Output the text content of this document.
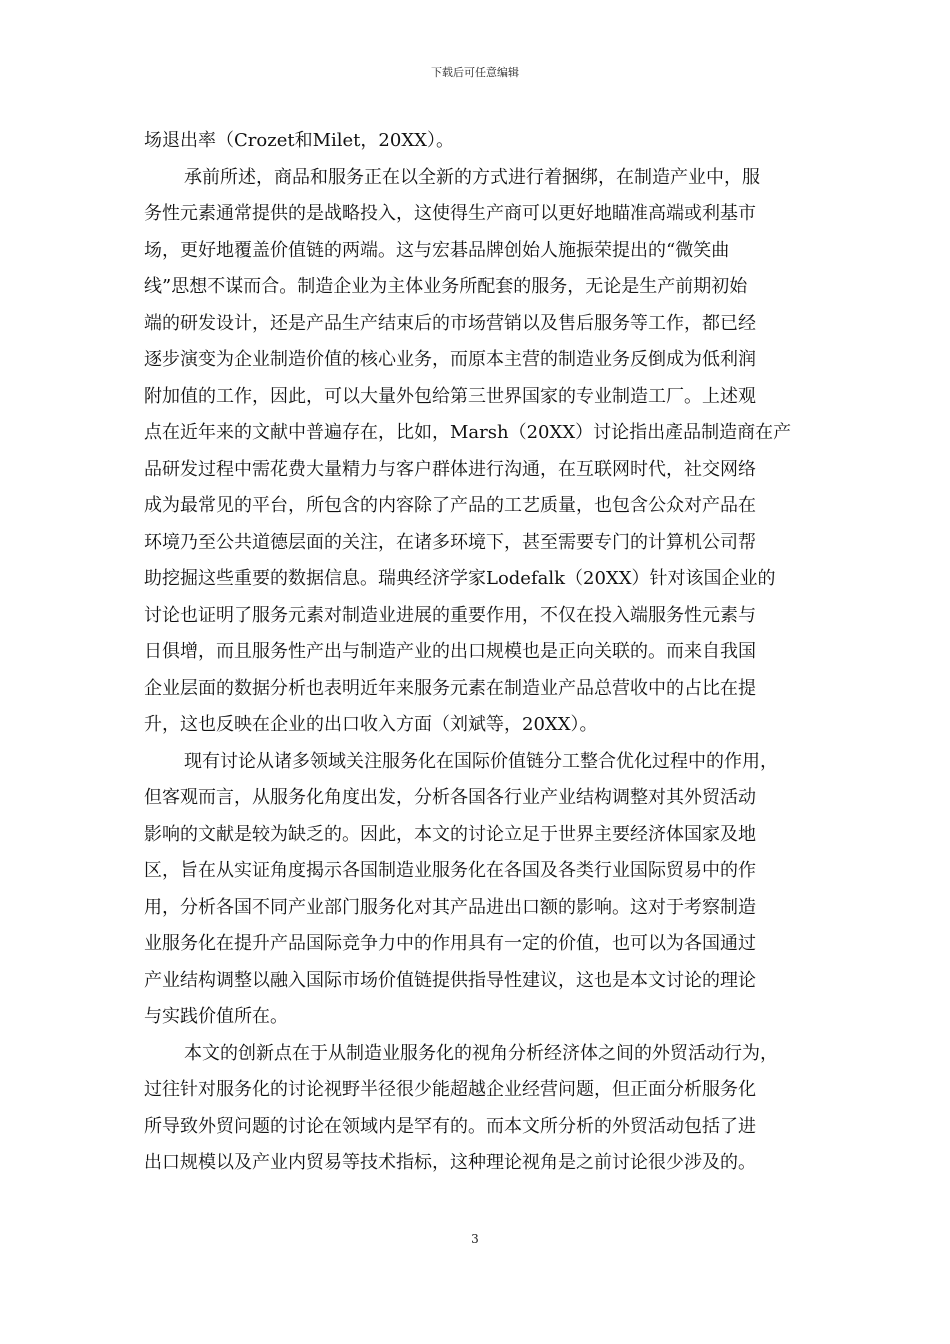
下载后可任意编辑
场退出率（Crozet和Milet，20XX）。
承前所述，商品和服务正在以全新的方式进行着捆绑，在制造产业中，服
务性元素通常提供的是战略投入，这使得生产商可以更好地瞄准高端或利基市
场，更好地覆盖价值链的两端。这与宏碁品牌创始人施振荣提出的“微笑曲
线”思想不谋而合。制造企业为主体业务所配套的服务，无论是生产前期初始
端的研发设计，还是产品生产结束后的市场营销以及售后服务等工作，都已经
逐步演变为企业制造价值的核心业务，而原本主营的制造业务反倒成为低利润
附加值的工作，因此，可以大量外包给第三世界国家的专业制造工厂。上述观
点在近年来的文献中普遍存在，比如，Marsh（20XX）讨论指出產品制造商在产
品研发过程中需花费大量精力与客户群体进行沟通，在互联网时代，社交网络
成为最常见的平台，所包含的内容除了产品的工艺质量，也包含公众对产品在
环境乃至公共道德层面的关注，在诸多环境下，甚至需要专门的计算机公司帮
助挖掘这些重要的数据信息。瑞典经济学家Lodefalk（20XX）针对该国企业的
讨论也证明了服务元素对制造业进展的重要作用，不仅在投入端服务性元素与
日俱增，而且服务性产出与制造产业的出口规模也是正向关联的。而来自我国
企业层面的数据分析也表明近年来服务元素在制造业产品总营收中的占比在提
升，这也反映在企业的出口收入方面（刘斌等，20XX）。
现有讨论从诸多领域关注服务化在国际价值链分工整合优化过程中的作用，
但客观而言，从服务化角度出发，分析各国各行业产业结构调整对其外贸活动
影响的文献是较为缺乏的。因此，本文的讨论立足于世界主要经济体国家及地
区，旨在从实证角度揭示各国制造业服务化在各国及各类行业国际贸易中的作
用，分析各国不同产业部门服务化对其产品进出口额的影响。这对于考察制造
业服务化在提升产品国际竞争力中的作用具有一定的价值，也可以为各国通过
产业结构调整以融入国际市场价值链提供指导性建议，这也是本文讨论的理论
与实践价值所在。
本文的创新点在于从制造业服务化的视角分析经济体之间的外贸活动行为，
过往针对服务化的讨论视野半径很少能超越企业经营问题，但正面分析服务化
所导致外贸问题的讨论在领域内是罕有的。而本文所分析的外贸活动包括了进
出口规模以及产业内贸易等技术指标，这种理论视角是之前讨论很少涉及的。
3
